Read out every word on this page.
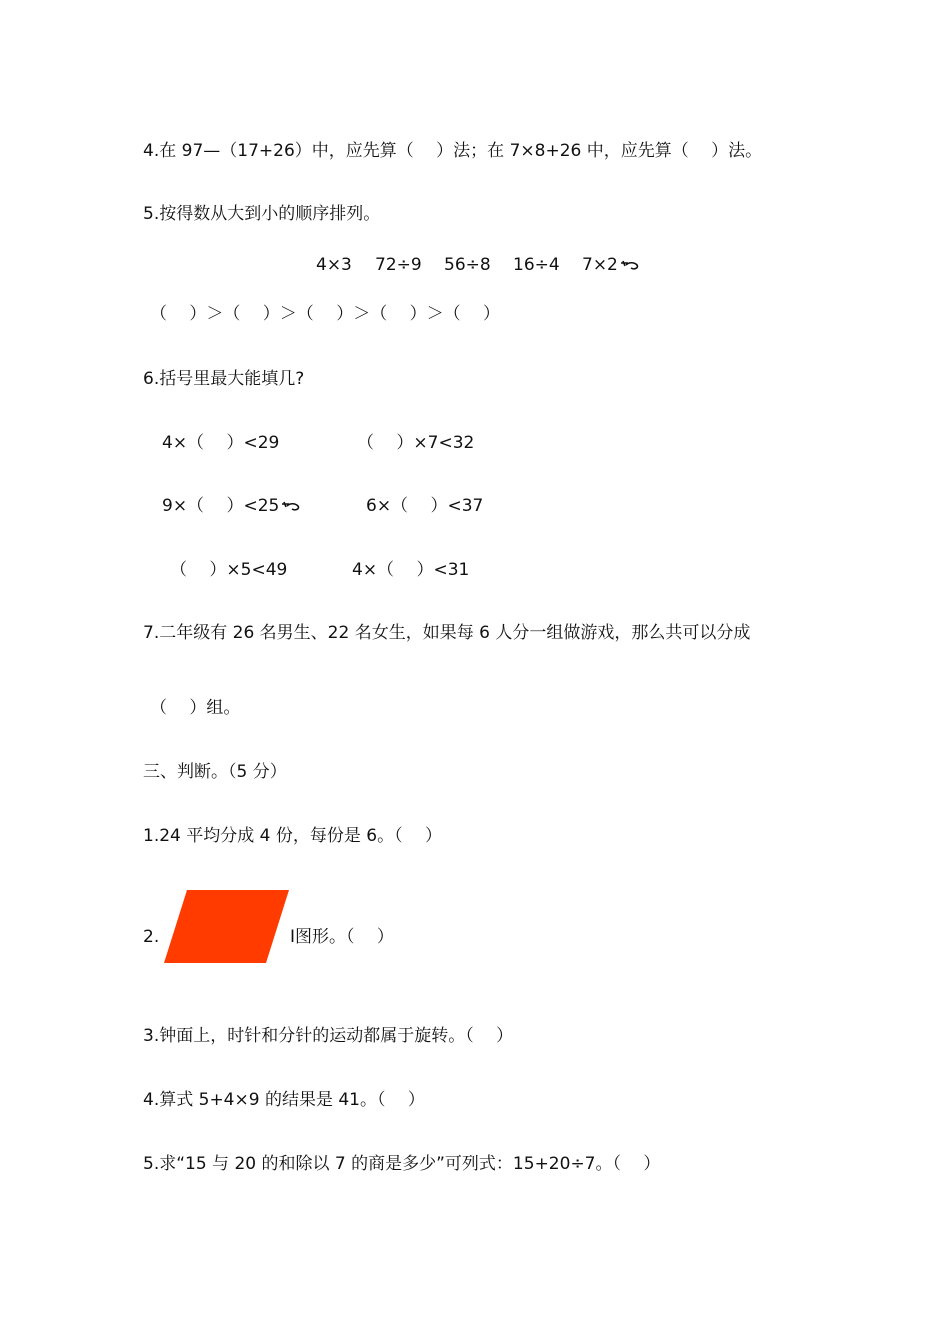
4.在 97—（17+26）中，应先算（　 ）法；在 7×8+26 中，应先算（　 ）法。
5.按得数从大到小的顺序排列。
4×3 72÷9 56÷8 16÷4 7×2
（　 ）＞（　 ）＞（　 ）＞（　 ）＞（　 ）
6.括号里最大能填几?
4×（　 ）<29	（　 ）×7<32
9×（　 ）<25	6×（　 ）<37
（　 ）×5<49	4×（　 ）<31
7.二年级有 26 名男生、22 名女生，如果每 6 人分一组做游戏，那么共可以分成
（　 ）组。
三、判断。（5 分）
1.24 平均分成 4 份，每份是 6。（　 ）
2.	Ⅰ图形。（　 ）
3.钟面上，时针和分针的运动都属于旋转。（　 ）
4.算式 5+4×9 的结果是 41。（　 ）
5.求“15 与 20 的和除以 7 的商是多少”可列式：15+20÷7。（　 ）
